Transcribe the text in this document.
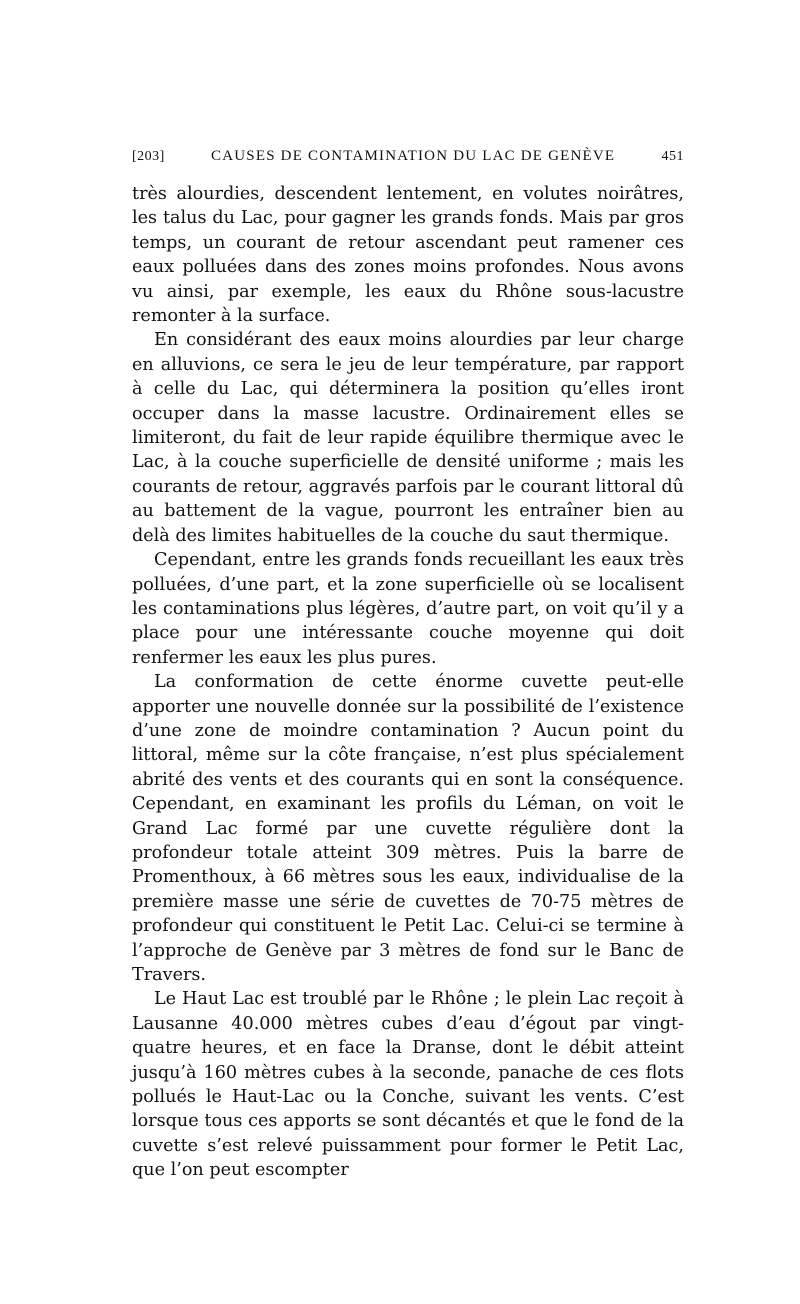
[203]	CAUSES DE CONTAMINATION DU LAC DE GENÈVE	451

très alourdies, descendent lentement, en volutes noirâtres, les talus du Lac, pour gagner les grands fonds. Mais par gros temps, un courant de retour ascendant peut ramener ces eaux polluées dans des zones moins profondes. Nous avons vu ainsi, par exemple, les eaux du Rhône sous-lacustre remonter à la surface.

En considérant des eaux moins alourdies par leur charge en alluvions, ce sera le jeu de leur température, par rapport à celle du Lac, qui déterminera la position qu’elles iront occuper dans la masse lacustre. Ordinairement elles se limiteront, du fait de leur rapide équilibre thermique avec le Lac, à la couche superficielle de densité uniforme ; mais les courants de retour, aggravés parfois par le courant littoral dû au battement de la vague, pourront les entraîner bien au delà des limites habituelles de la couche du saut thermique.

Cependant, entre les grands fonds recueillant les eaux très polluées, d’une part, et la zone superficielle où se localisent les contaminations plus légères, d’autre part, on voit qu’il y a place pour une intéressante couche moyenne qui doit renfermer les eaux les plus pures.

La conformation de cette énorme cuvette peut-elle apporter une nouvelle donnée sur la possibilité de l’existence d’une zone de moindre contamination ? Aucun point du littoral, même sur la côte française, n’est plus spécialement abrité des vents et des courants qui en sont la conséquence. Cependant, en examinant les profils du Léman, on voit le Grand Lac formé par une cuvette régulière dont la profondeur totale atteint 309 mètres. Puis la barre de Promenthoux, à 66 mètres sous les eaux, individualise de la première masse une série de cuvettes de 70-75 mètres de profondeur qui constituent le Petit Lac. Celui-ci se termine à l’approche de Genève par 3 mètres de fond sur le Banc de Travers.

Le Haut Lac est troublé par le Rhône ; le plein Lac reçoit à Lausanne 40.000 mètres cubes d’eau d’égout par vingt-quatre heures, et en face la Dranse, dont le débit atteint jusqu’à 160 mètres cubes à la seconde, panache de ces flots pollués le Haut-Lac ou la Conche, suivant les vents. C’est lorsque tous ces apports se sont décantés et que le fond de la cuvette s’est relevé puissamment pour former le Petit Lac, que l’on peut escompter
